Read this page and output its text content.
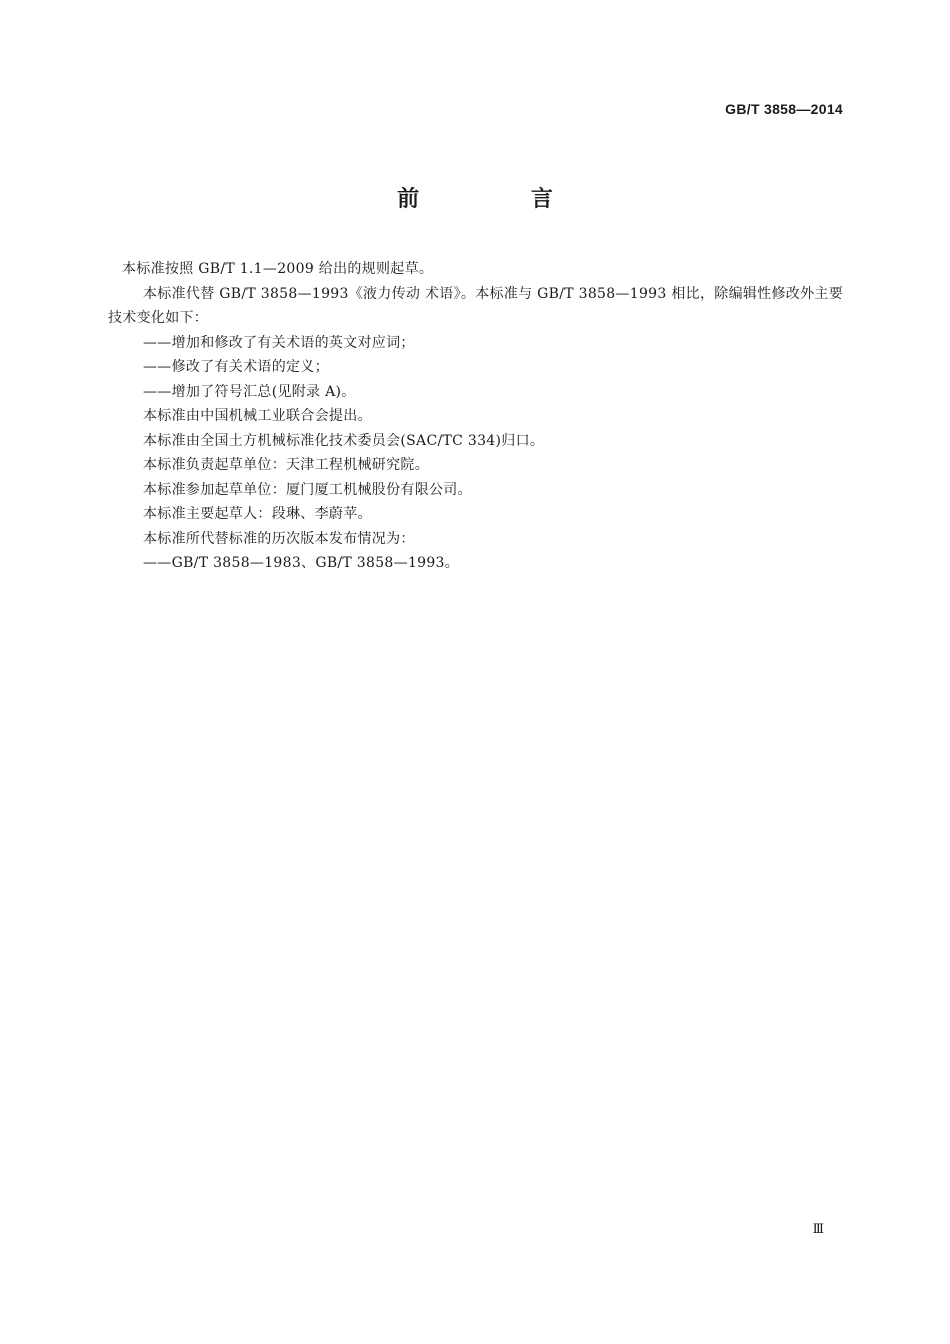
GB/T 3858—2014
前 言

本标准按照 GB/T 1.1—2009 给出的规则起草。

本标准代替 GB/T 3858—1993《液力传动 术语》。本标准与 GB/T 3858—1993 相比，除编辑性修改外主要技术变化如下：

——增加和修改了有关术语的英文对应词；

——修改了有关术语的定义；

——增加了符号汇总(见附录 A)。

本标准由中国机械工业联合会提出。

本标准由全国土方机械标准化技术委员会(SAC/TC 334)归口。

本标准负责起草单位：天津工程机械研究院。

本标准参加起草单位：厦门厦工机械股份有限公司。

本标准主要起草人：段琳、李蔚苹。

本标准所代替标准的历次版本发布情况为：

——GB/T 3858—1983、GB/T 3858—1993。

III
